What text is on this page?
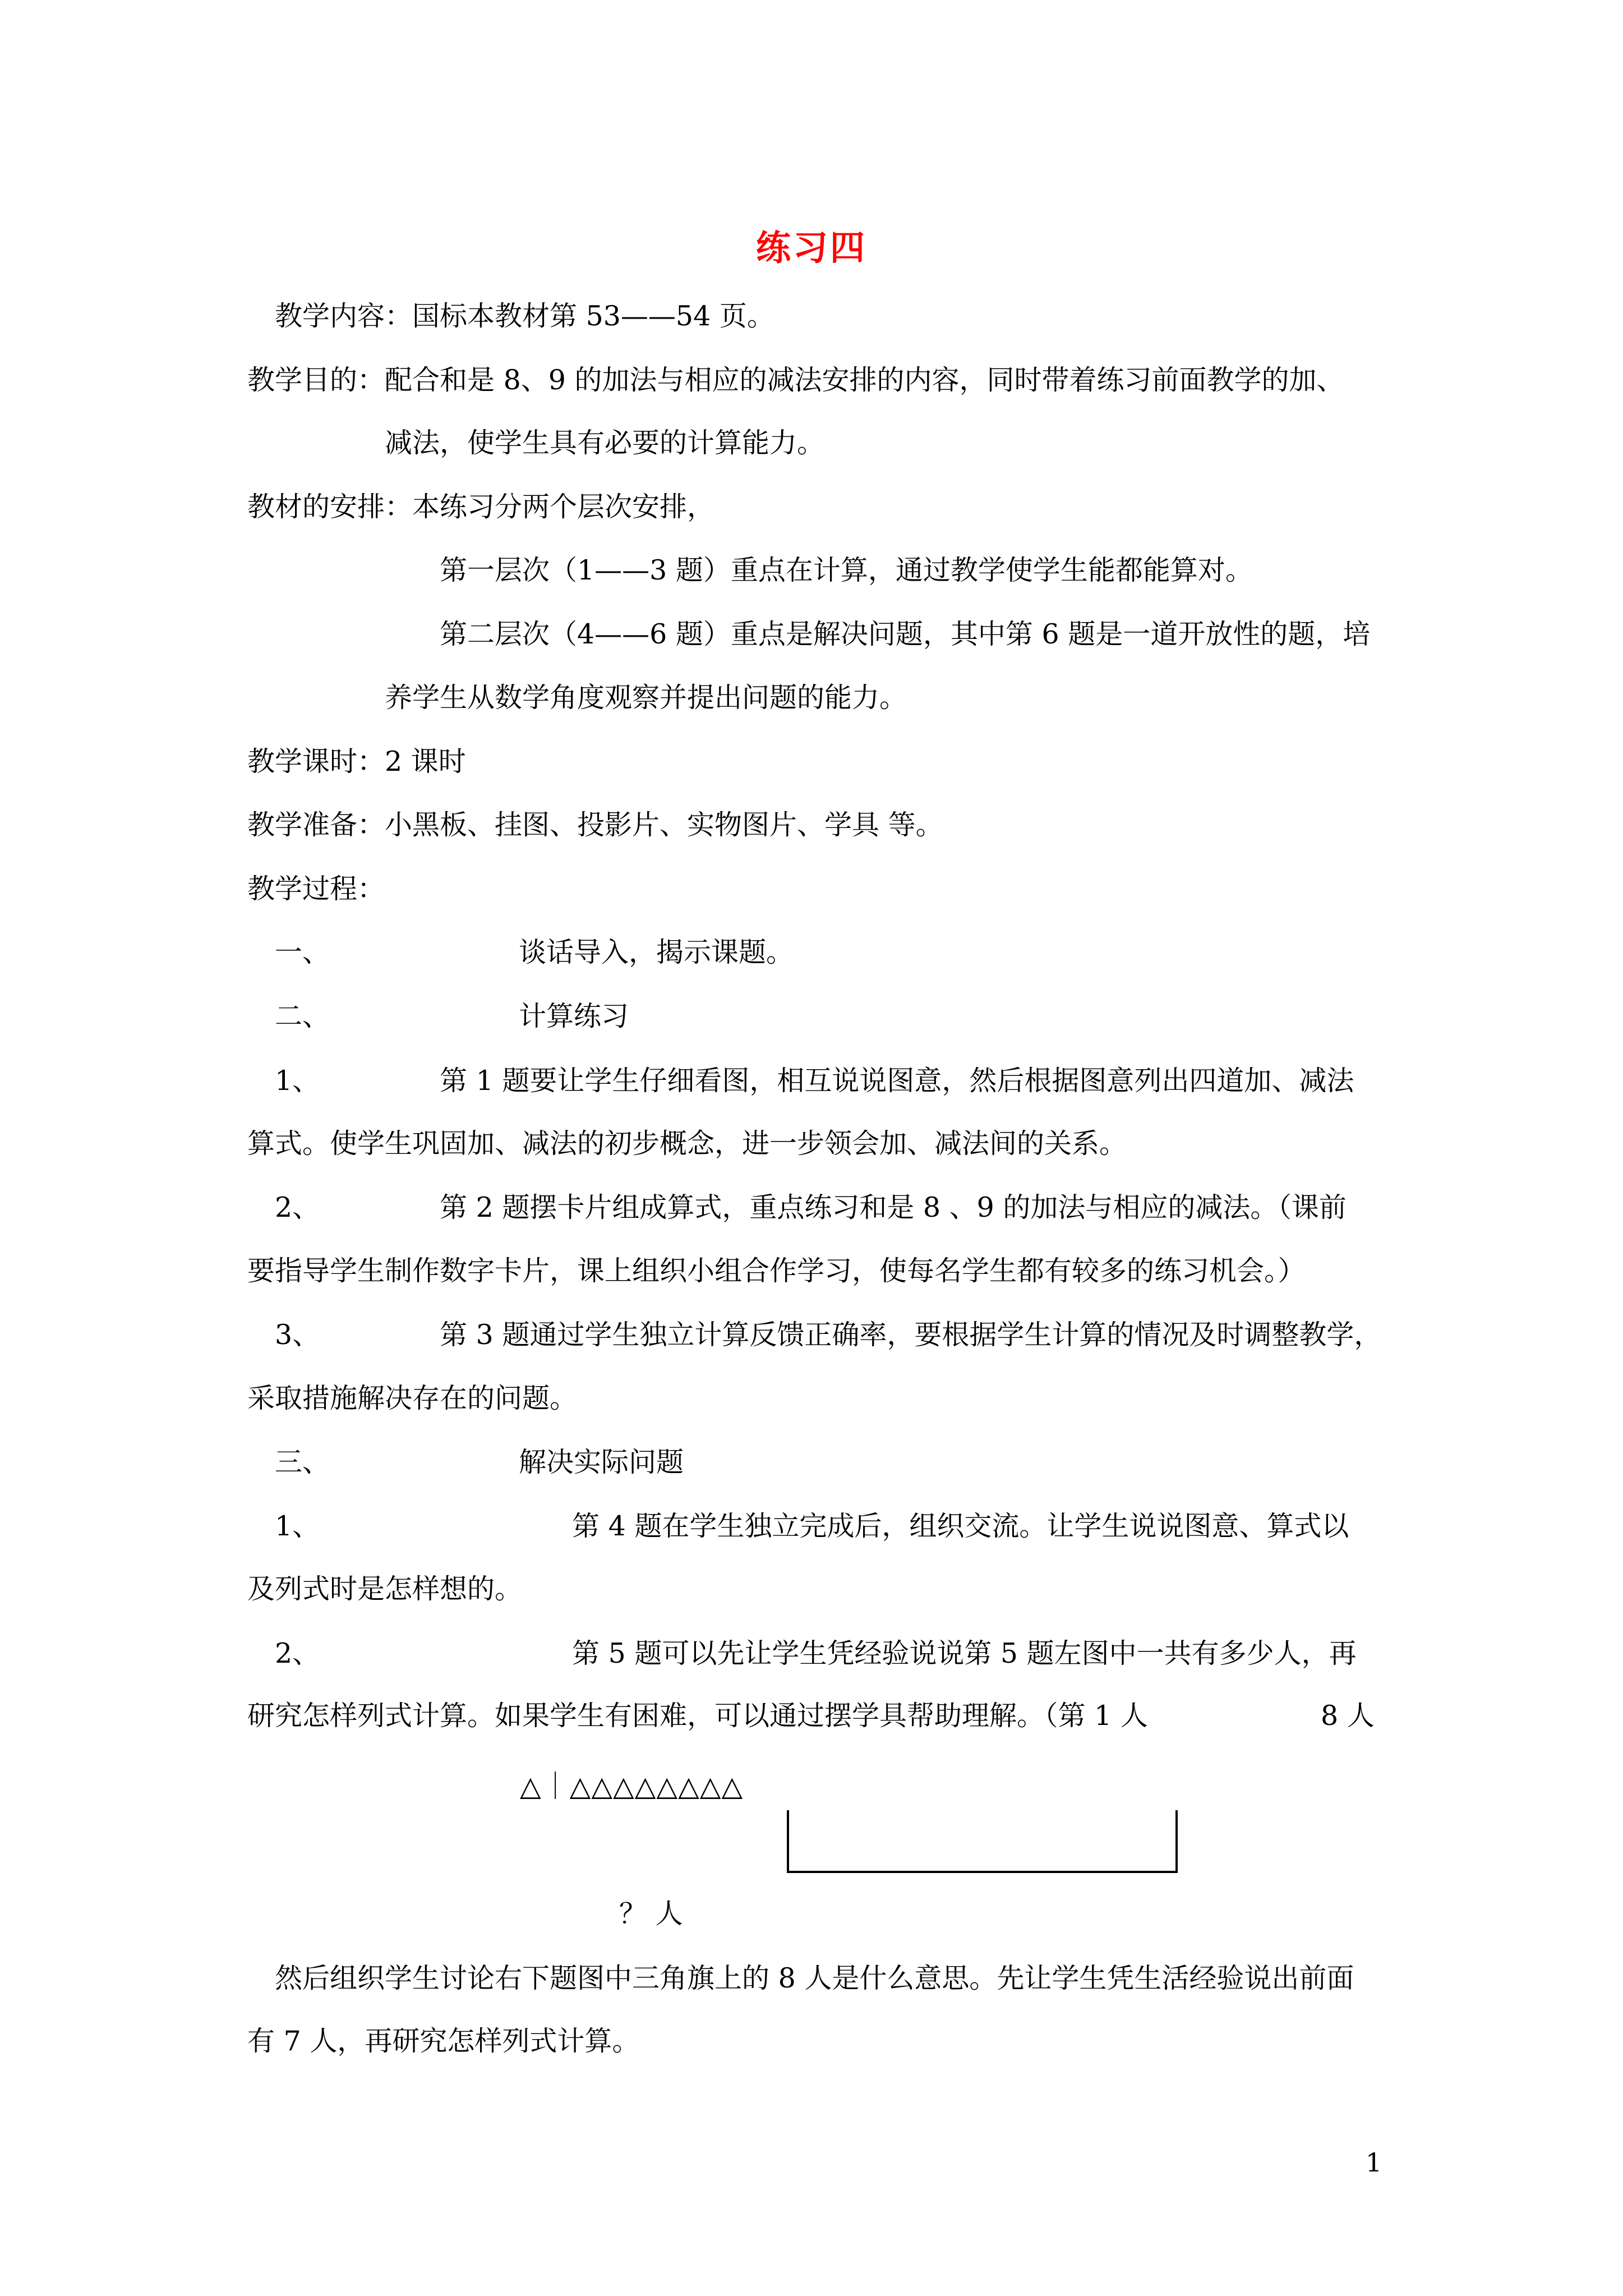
练习四
教学内容： 国标本教材第 53——54 页。
教学目的： 配合和是 8、9 的加法与相应的减法安排的内容，同时带着练习前面教学的加、
减法，使学生具有必要的计算能力。
教材的安排： 本练习分两个层次安排，
第一层次（1——3 题）重点在计算，通过教学使学生能都能算对。
第二层次（4——6 题）重点是解决问题，其中第 6 题是一道开放性的题，培
养学生从数学角度观察并提出问题的能力。
教学课时： 2 课时
教学准备： 小黑板、挂图、投影片、实物图片、学具 等。
教学过程：
一、	谈话导入，揭示课题。
二、	计算练习
1、	第 1 题要让学生仔细看图，相互说说图意，然后根据图意列出四道加、减法
算式。使学生巩固加、减法的初步概念，进一步领会加、减法间的关系。
2、	第 2 题摆卡片组成算式，重点练习和是 8 、9 的加法与相应的减法。（课前
要指导学生制作数字卡片，课上组织小组合作学习，使每名学生都有较多的练习机会。）
3、	第 3 题通过学生独立计算反馈正确率，要根据学生计算的情况及时调整教学，
采取措施解决存在的问题。
三、	解决实际问题
1、	第 4 题在学生独立完成后，组织交流。让学生说说图意、算式以
及列式时是怎样想的。
2、	第 5 题可以先让学生凭经验说说第 5 题左图中一共有多少人，再
研究怎样列式计算。如果学生有困难，可以通过摆学具帮助理解。（第 1 人	8 人
△｜△△△△△△△△
？ 人
然后组织学生讨论右下题图中三角旗上的 8 人是什么意思。先让学生凭生活经验说出前面
有 7 人，再研究怎样列式计算。
1
